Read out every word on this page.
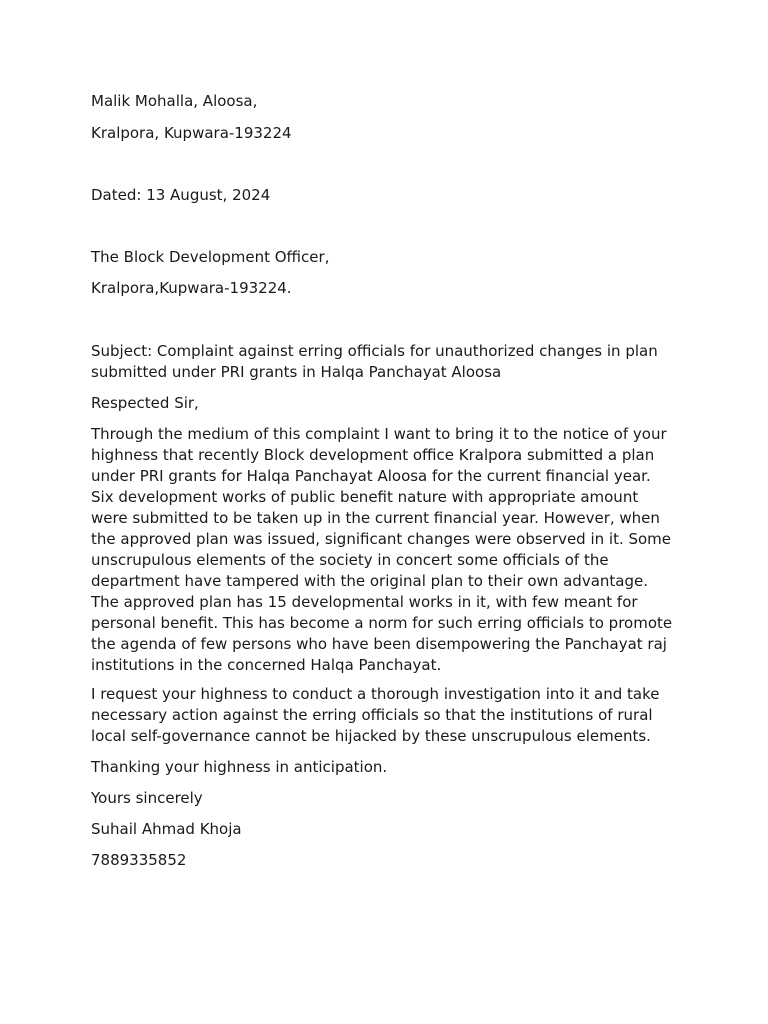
Malik Mohalla, Aloosa,
Kralpora, Kupwara-193224
Dated: 13 August, 2024
The Block Development Officer,
Kralpora,Kupwara-193224.
Subject: Complaint against erring officials for unauthorized changes in plan
submitted under PRI grants in Halqa Panchayat Aloosa
Respected Sir,
Through the medium of this complaint I want to bring it to the notice of your
highness that recently Block development office Kralpora submitted a plan
under PRI grants for Halqa Panchayat Aloosa for the current financial year.
Six development works of public benefit nature with appropriate amount
were submitted to be taken up in the current financial year. However, when
the approved plan was issued, significant changes were observed in it. Some
unscrupulous elements of the society in concert some officials of the
department have tampered with the original plan to their own advantage.
The approved plan has 15 developmental works in it, with few meant for
personal benefit. This has become a norm for such erring officials to promote
the agenda of few persons who have been disempowering the Panchayat raj
institutions in the concerned Halqa Panchayat.
I request your highness to conduct a thorough investigation into it and take
necessary action against the erring officials so that the institutions of rural
local self-governance cannot be hijacked by these unscrupulous elements.
Thanking your highness in anticipation.
Yours sincerely
Suhail Ahmad Khoja
7889335852
